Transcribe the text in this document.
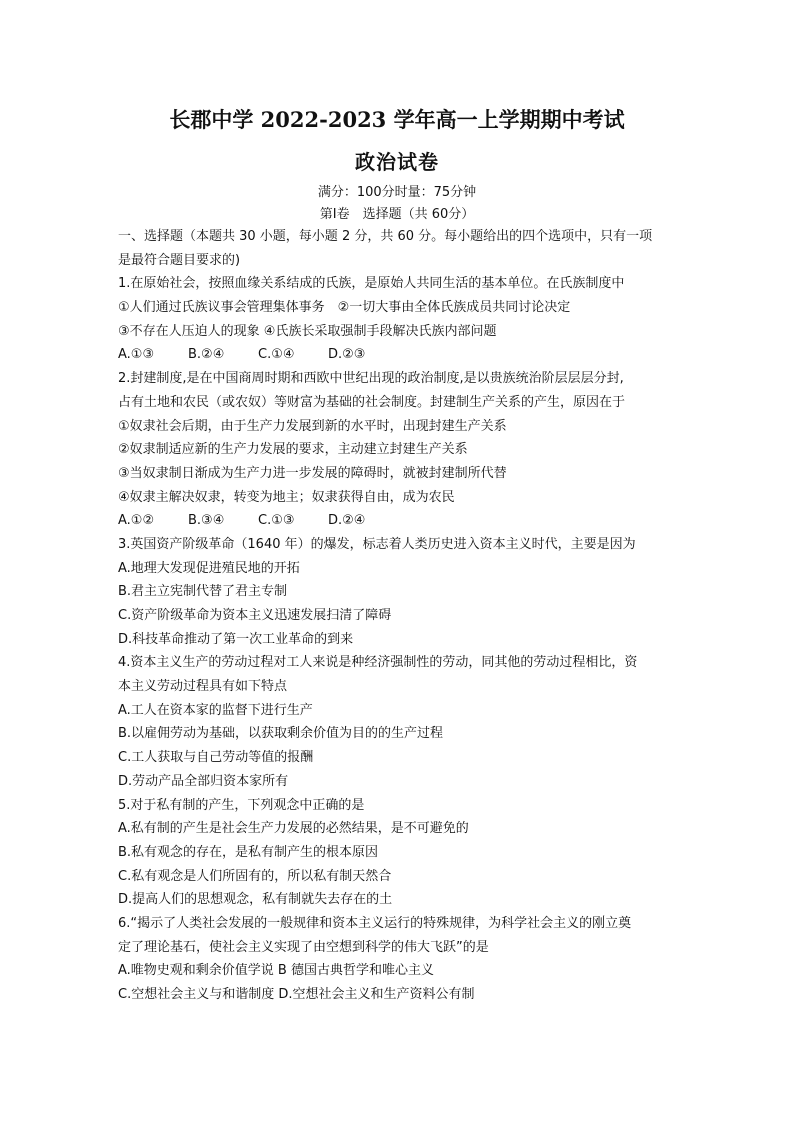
长郡中学 2022-2023 学年高一上学期期中考试
政治试卷
满分：100分时量：75分钟
第Ⅰ卷　选择题（共 60分）
一、选择题（本题共 30 小题，每小题 2 分，共 60 分。每小题给出的四个选项中，只有一项
是最符合题目要求的)
1.在原始社会，按照血缘关系结成的氏族，是原始人共同生活的基本单位。在氏族制度中
①人们通过氏族议事会管理集体事务　②一切大事由全体氏族成员共同讨论决定
③不存在人压迫人的现象 ④氏族长采取强制手段解决氏族内部问题
A.①③	B.②④	C.①④	D.②③
2.封建制度,是在中国商周时期和西欧中世纪出现的政治制度,是以贵族统治阶层层层分封,
占有土地和农民（或农奴）等财富为基础的社会制度。封建制生产关系的产生，原因在于
①奴隶社会后期，由于生产力发展到新的水平时，出现封建生产关系
②奴隶制适应新的生产力发展的要求，主动建立封建生产关系
③当奴隶制日渐成为生产力进一步发展的障碍时，就被封建制所代替
④奴隶主解决奴隶，转变为地主；奴隶获得自由，成为农民
A.①②	B.③④	C.①③	D.②④
3.英国资产阶级革命（1640 年）的爆发，标志着人类历史进入资本主义时代，主要是因为
A.地理大发现促进殖民地的开拓
B.君主立宪制代替了君主专制
C.资产阶级革命为资本主义迅速发展扫清了障碍
D.科技革命推动了第一次工业革命的到来
4.资本主义生产的劳动过程对工人来说是种经济强制性的劳动，同其他的劳动过程相比，资
本主义劳动过程具有如下特点
A.工人在资本家的监督下进行生产
B.以雇佣劳动为基础，以获取剩余价值为目的的生产过程
C.工人获取与自己劳动等值的报酬
D.劳动产品全部归资本家所有
5.对于私有制的产生，下列观念中正确的是
A.私有制的产生是社会生产力发展的必然结果，是不可避免的
B.私有观念的存在，是私有制产生的根本原因
C.私有观念是人们所固有的，所以私有制天然合
D.提高人们的思想观念，私有制就失去存在的土
6.“揭示了人类社会发展的一般规律和资本主义运行的特殊规律，为科学社会主义的刚立奠
定了理论基石，使社会主义实现了由空想到科学的伟大飞跃”的是
A.唯物史观和剩余价值学说 B 德国古典哲学和唯心主义
C.空想社会主义与和谐制度 D.空想社会主义和生产资料公有制
